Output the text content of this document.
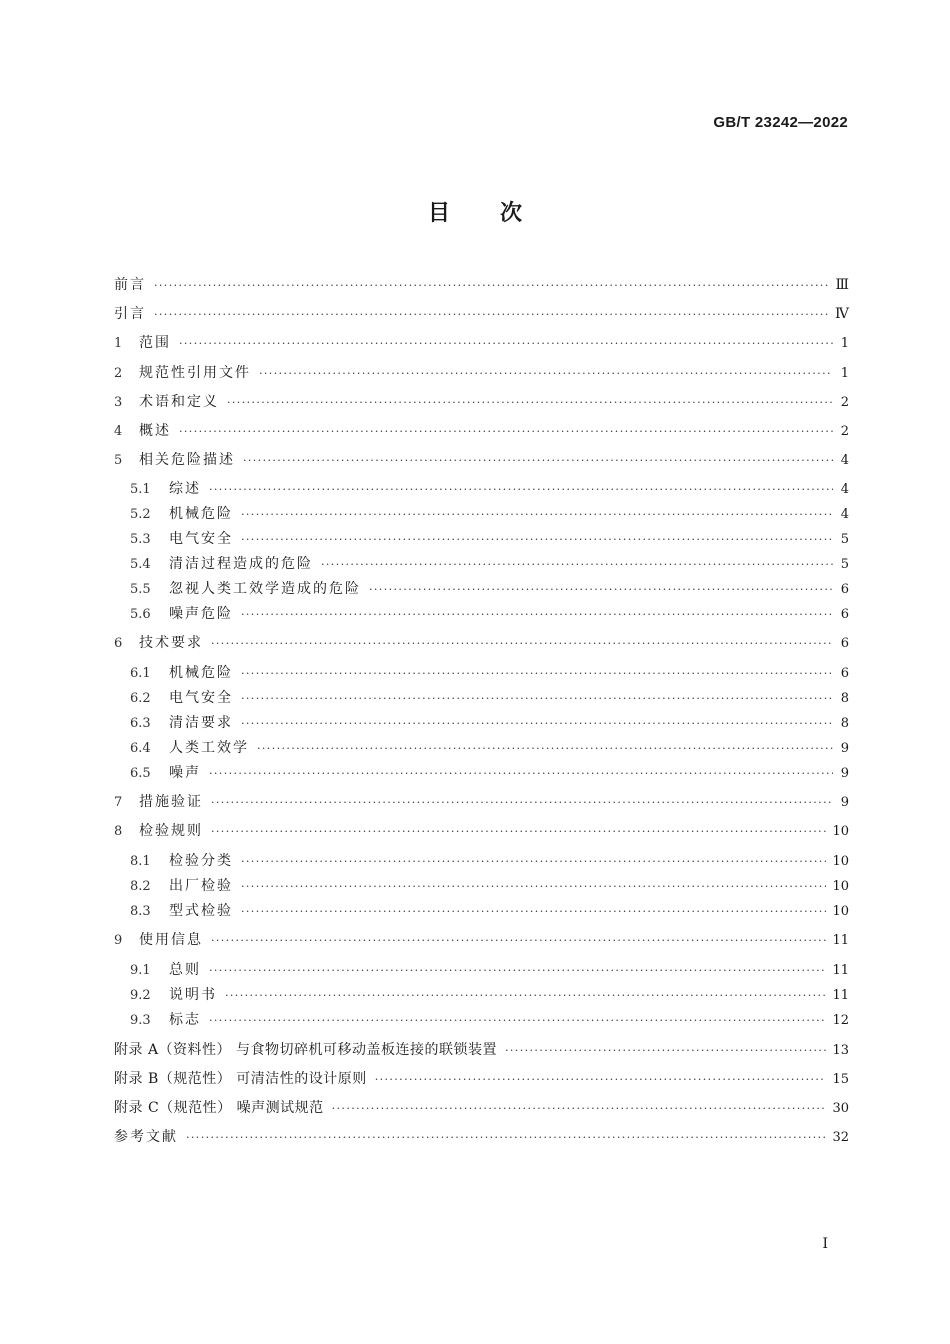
GB/T 23242—2022
目次
前言 ·····	Ⅲ
引言 ·····	Ⅳ
1	范围 ·····	1
2	规范性引用文件 ·····	1
3	术语和定义 ·····	2
4	概述 ·····	2
5	相关危险描述 ·····	4
5.1	综述 ·····	4
5.2	机械危险 ·····	4
5.3	电气安全 ·····	5
5.4	清洁过程造成的危险 ·····	5
5.5	忽视人类工效学造成的危险 ·····	6
5.6	噪声危险 ·····	6
6	技术要求 ·····	6
6.1	机械危险 ·····	6
6.2	电气安全 ·····	8
6.3	清洁要求 ·····	8
6.4	人类工效学 ·····	9
6.5	噪声 ·····	9
7	措施验证 ·····	9
8	检验规则 ·····	10
8.1	检验分类 ·····	10
8.2	出厂检验 ·····	10
8.3	型式检验 ·····	10
9	使用信息 ·····	11
9.1	总则 ·····	11
9.2	说明书 ·····	11
9.3	标志 ·····	12
附录 A（资料性） 与食物切碎机可移动盖板连接的联锁装置 ·····	13
附录 B（规范性） 可清洁性的设计原则 ·····	15
附录 C（规范性） 噪声测试规范 ·····	30
参考文献 ·····	32
I
